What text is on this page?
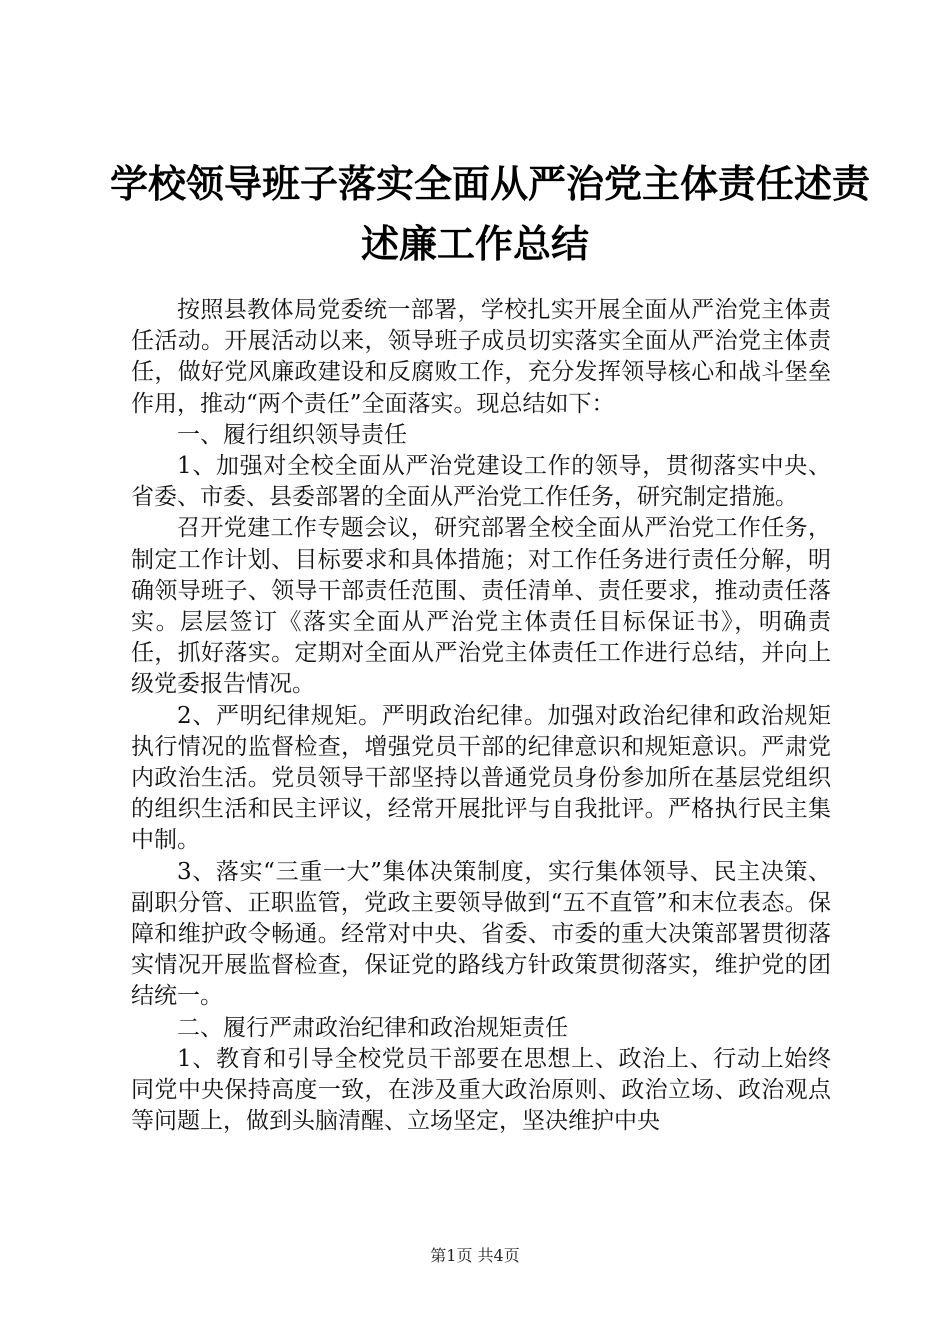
学校领导班子落实全面从严治党主体责任述责
述廉工作总结

按照县教体局党委统一部署，学校扎实开展全面从严治党主体责任活动。开展活动以来，领导班子成员切实落实全面从严治党主体责任，做好党风廉政建设和反腐败工作，充分发挥领导核心和战斗堡垒作用，推动“两个责任”全面落实。现总结如下：

一、履行组织领导责任

1、加强对全校全面从严治党建设工作的领导，贯彻落实中央、省委、市委、县委部署的全面从严治党工作任务，研究制定措施。

召开党建工作专题会议，研究部署全校全面从严治党工作任务，制定工作计划、目标要求和具体措施；对工作任务进行责任分解，明确领导班子、领导干部责任范围、责任清单、责任要求，推动责任落实。层层签订《落实全面从严治党主体责任目标保证书》，明确责任，抓好落实。定期对全面从严治党主体责任工作进行总结，并向上级党委报告情况。

2、严明纪律规矩。严明政治纪律。加强对政治纪律和政治规矩执行情况的监督检查，增强党员干部的纪律意识和规矩意识。严肃党内政治生活。党员领导干部坚持以普通党员身份参加所在基层党组织的组织生活和民主评议，经常开展批评与自我批评。严格执行民主集中制。

3、落实“三重一大”集体决策制度，实行集体领导、民主决策、副职分管、正职监管，党政主要领导做到“五不直管”和末位表态。保障和维护政令畅通。经常对中央、省委、市委的重大决策部署贯彻落实情况开展监督检查，保证党的路线方针政策贯彻落实，维护党的团结统一。

二、履行严肃政治纪律和政治规矩责任

1、教育和引导全校党员干部要在思想上、政治上、行动上始终同党中央保持高度一致，在涉及重大政治原则、政治立场、政治观点等问题上，做到头脑清醒、立场坚定，坚决维护中央

第1页 共4页
